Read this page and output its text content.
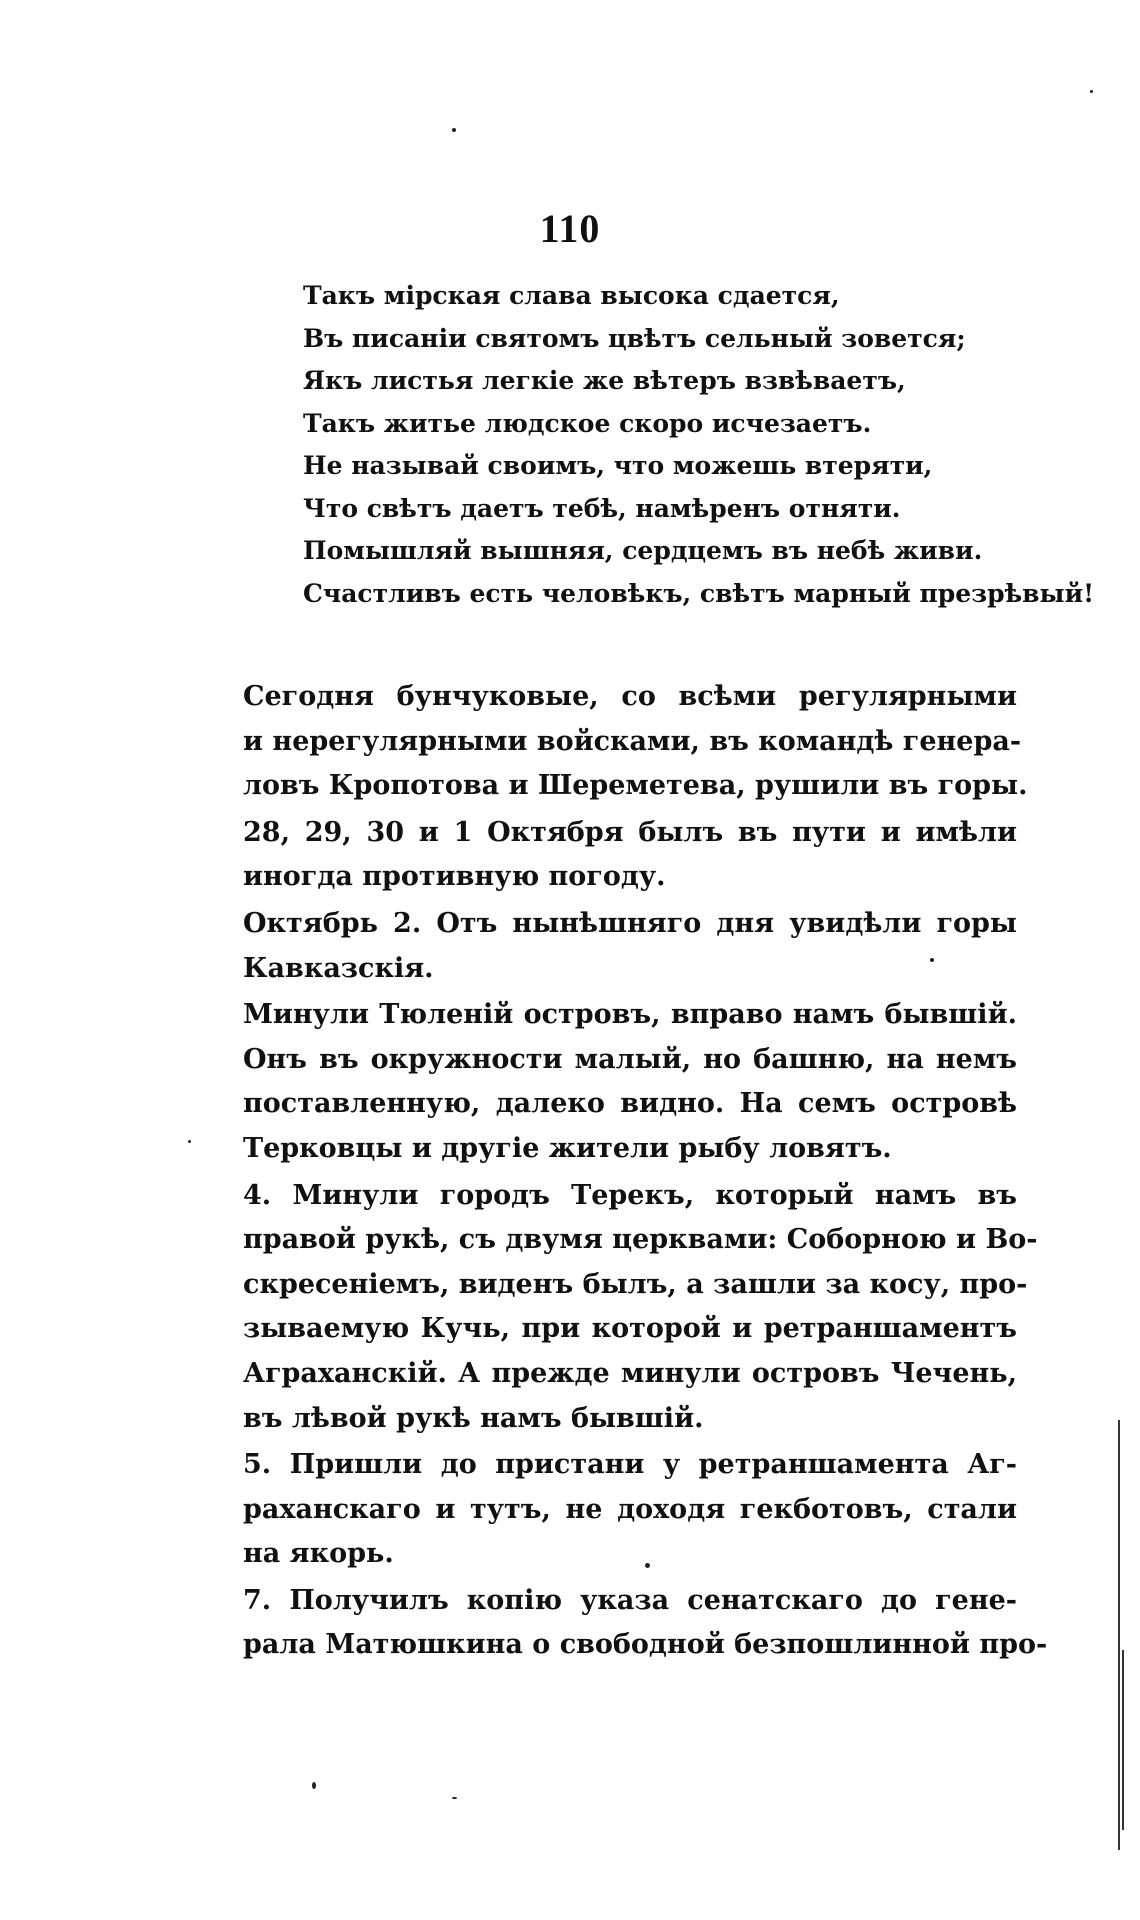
110
Такъ мірская слава высока сдается,
Въ писаніи святомъ цвѣтъ сельный зовется;
Якъ листья легкіе же вѣтеръ взвѣваетъ,
Такъ житье людское скоро исчезаетъ.
Не называй своимъ, что можешь втеряти,
Что свѣтъ даетъ тебѣ, намѣренъ отняти.
Помышляй вышняя, сердцемъ въ небѣ живи.
Счастливъ есть человѣкъ, свѣтъ марный презрѣвый!
Сегодня бунчуковые, со всѣми регулярными
и нерегулярными войсками, въ командѣ генера-
ловъ Кропотова и Шереметева, рушили въ горы.
28, 29, 30 и 1 Октября былъ въ пути и имѣли
иногда противную погоду.
Октябрь 2. Отъ нынѣшняго дня увидѣли горы
Кавказскія.
Минули Тюленій островъ, вправо намъ бывшій.
Онъ въ окружности малый, но башню, на немъ
поставленную, далеко видно. На семъ островѣ
Терковцы и другіе жители рыбу ловятъ.
4. Минули городъ Терекъ, который намъ въ
правой рукѣ, съ двумя церквами: Соборною и Во-
скресеніемъ, виденъ былъ, а зашли за косу, про-
зываемую Кучь, при которой и ретраншаментъ
Аграханскій. А прежде минули островъ Чечень,
въ лѣвой рукѣ намъ бывшій.
5. Пришли до пристани у ретраншамента Аг-
раханскаго и тутъ, не доходя гекботовъ, стали
на якорь.
7. Получилъ копію указа сенатскаго до гене-
рала Матюшкина о свободной безпошлинной про-
